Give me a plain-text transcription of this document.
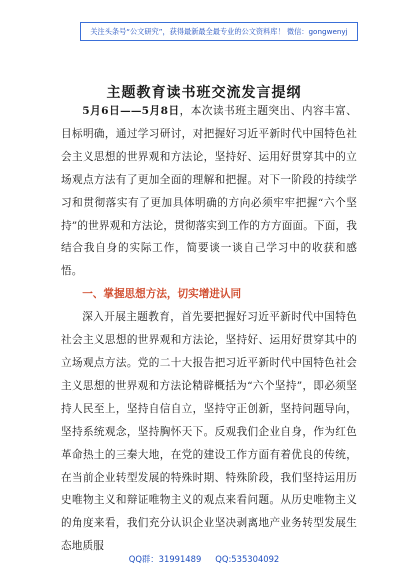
关注头条号“公文研究”，获得最新最全最专业的公文资料库！ 微信：gongwenyj
主题教育读书班交流发言提纲

5月6日——5月8日，本次读书班主题突出、内容丰富、目标明确，通过学习研讨，对把握好习近平新时代中国特色社会主义思想的世界观和方法论，坚持好、运用好贯穿其中的立场观点方法有了更加全面的理解和把握。对下一阶段的持续学习和贯彻落实有了更加具体明确的方向必须牢牢把握“六个坚持”的世界观和方法论，贯彻落实到工作的方方面面。下面，我结合我自身的实际工作，简要谈一谈自己学习中的收获和感悟。

一、掌握思想方法，切实增进认同

深入开展主题教育，首先要把握好习近平新时代中国特色社会主义思想的世界观和方法论，坚持好、运用好贯穿其中的立场观点方法。党的二十大报告把习近平新时代中国特色社会主义思想的世界观和方法论精辟概括为“六个坚持”，即必须坚持人民至上，坚持自信自立，坚持守正创新，坚持问题导向，坚持系统观念，坚持胸怀天下。反观我们企业自身，作为红色革命热土的三秦大地，在党的建设工作方面有着优良的传统，在当前企业转型发展的特殊时期、特殊阶段，我们坚持运用历史唯物主义和辩证唯物主义的观点来看问题。从历史唯物主义的角度来看，我们充分认识企业坚决剥离地产业务转型发展生态地质服

QQ群：31991489 QQ:535304092
